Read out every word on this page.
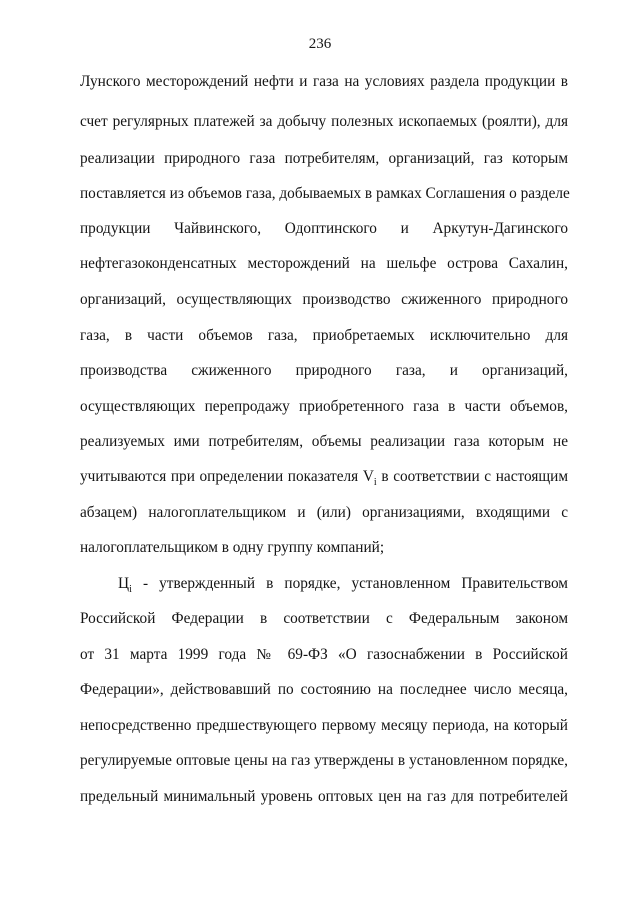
236
Лунского месторождений нефти и газа на условиях раздела продукции в
счет регулярных платежей за добычу полезных ископаемых (роялти), для
реализации природного газа потребителям, организаций, газ которым
поставляется из объемов газа, добываемых в рамках Соглашения о разделе
продукции Чайвинского, Одоптинского и Аркутун-Дагинского
нефтегазоконденсатных месторождений на шельфе острова Сахалин,
организаций, осуществляющих производство сжиженного природного
газа, в части объемов газа, приобретаемых исключительно для
производства сжиженного природного газа, и организаций,
осуществляющих перепродажу приобретенного газа в части объемов,
реализуемых ими потребителям, объемы реализации газа которым не
учитываются при определении показателя $V_i$ в соответствии с настоящим
абзацем) налогоплательщиком и (или) организациями, входящими с
налогоплательщиком в одну группу компаний;
$Ц_i$ - утвержденный в порядке, установленном Правительством
Российской Федерации в соответствии с Федеральным законом
от 31 марта 1999 года № 69-ФЗ «О газоснабжении в Российской
Федерации», действовавший по состоянию на последнее число месяца,
непосредственно предшествующего первому месяцу периода, на который
регулируемые оптовые цены на газ утверждены в установленном порядке,
предельный минимальный уровень оптовых цен на газ для потребителей
